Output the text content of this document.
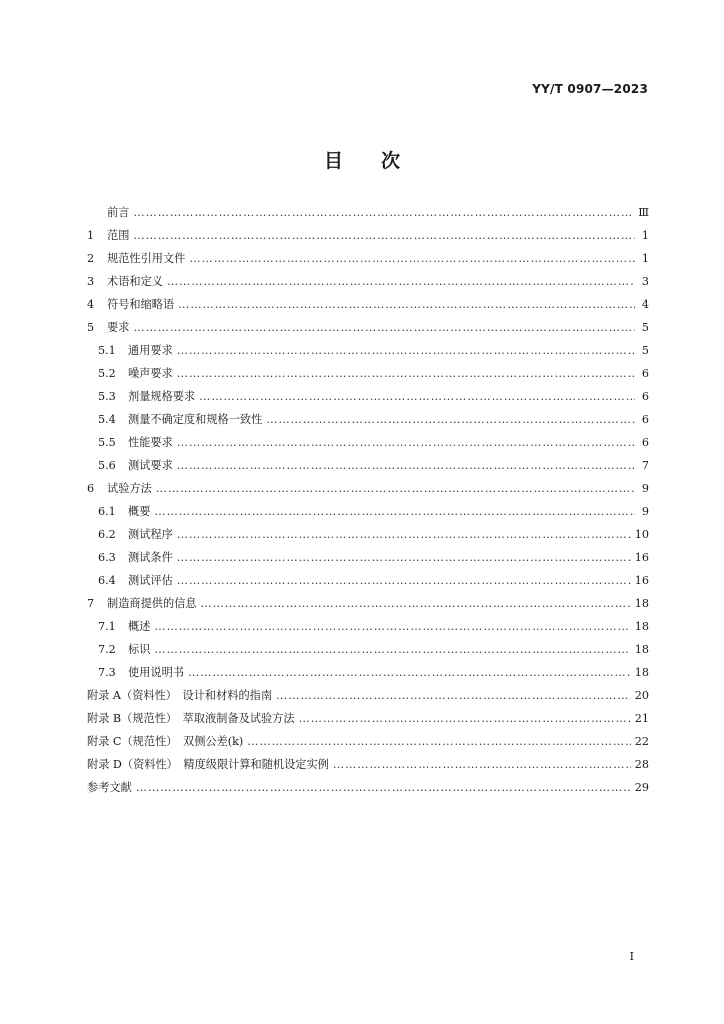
YY/T 0907—2023
目　　次
前言 ……………………………………………………………………………………………………………………………………………………………………………………	Ⅲ
1	范围 ……………………………………………………………………………………………………………………………………………………………………………………	1
2	规范性引用文件 ……………………………………………………………………………………………………………………………………………………………………………………	1
3	术语和定义 ……………………………………………………………………………………………………………………………………………………………………………………	3
4	符号和缩略语 ……………………………………………………………………………………………………………………………………………………………………………………	4
5	要求 ……………………………………………………………………………………………………………………………………………………………………………………	5
5.1	通用要求 ……………………………………………………………………………………………………………………………………………………………………………………	5
5.2	噪声要求 ……………………………………………………………………………………………………………………………………………………………………………………	6
5.3	剂量规格要求 ……………………………………………………………………………………………………………………………………………………………………………………	6
5.4	测量不确定度和规格一致性 ……………………………………………………………………………………………………………………………………………………………………………………	6
5.5	性能要求 ……………………………………………………………………………………………………………………………………………………………………………………	6
5.6	测试要求 ……………………………………………………………………………………………………………………………………………………………………………………	7
6	试验方法 ……………………………………………………………………………………………………………………………………………………………………………………	9
6.1	概要 ……………………………………………………………………………………………………………………………………………………………………………………	9
6.2	测试程序 ……………………………………………………………………………………………………………………………………………………………………………………	10
6.3	测试条件 ……………………………………………………………………………………………………………………………………………………………………………………	16
6.4	测试评估 ……………………………………………………………………………………………………………………………………………………………………………………	16
7	制造商提供的信息 ……………………………………………………………………………………………………………………………………………………………………………………	18
7.1	概述 ……………………………………………………………………………………………………………………………………………………………………………………	18
7.2	标识 ……………………………………………………………………………………………………………………………………………………………………………………	18
7.3	使用说明书 ……………………………………………………………………………………………………………………………………………………………………………………	18
附录 A（资料性）　设计和材料的指南 ……………………………………………………………………………………………………………………………………………………………………………………	20
附录 B（规范性）　萃取液制备及试验方法 ……………………………………………………………………………………………………………………………………………………………………………………	21
附录 C（规范性）　双侧公差(k) ……………………………………………………………………………………………………………………………………………………………………………………	22
附录 D（资料性）　精度级限计算和随机设定实例 ……………………………………………………………………………………………………………………………………………………………………………………	28
参考文献 ……………………………………………………………………………………………………………………………………………………………………………………	29
I
